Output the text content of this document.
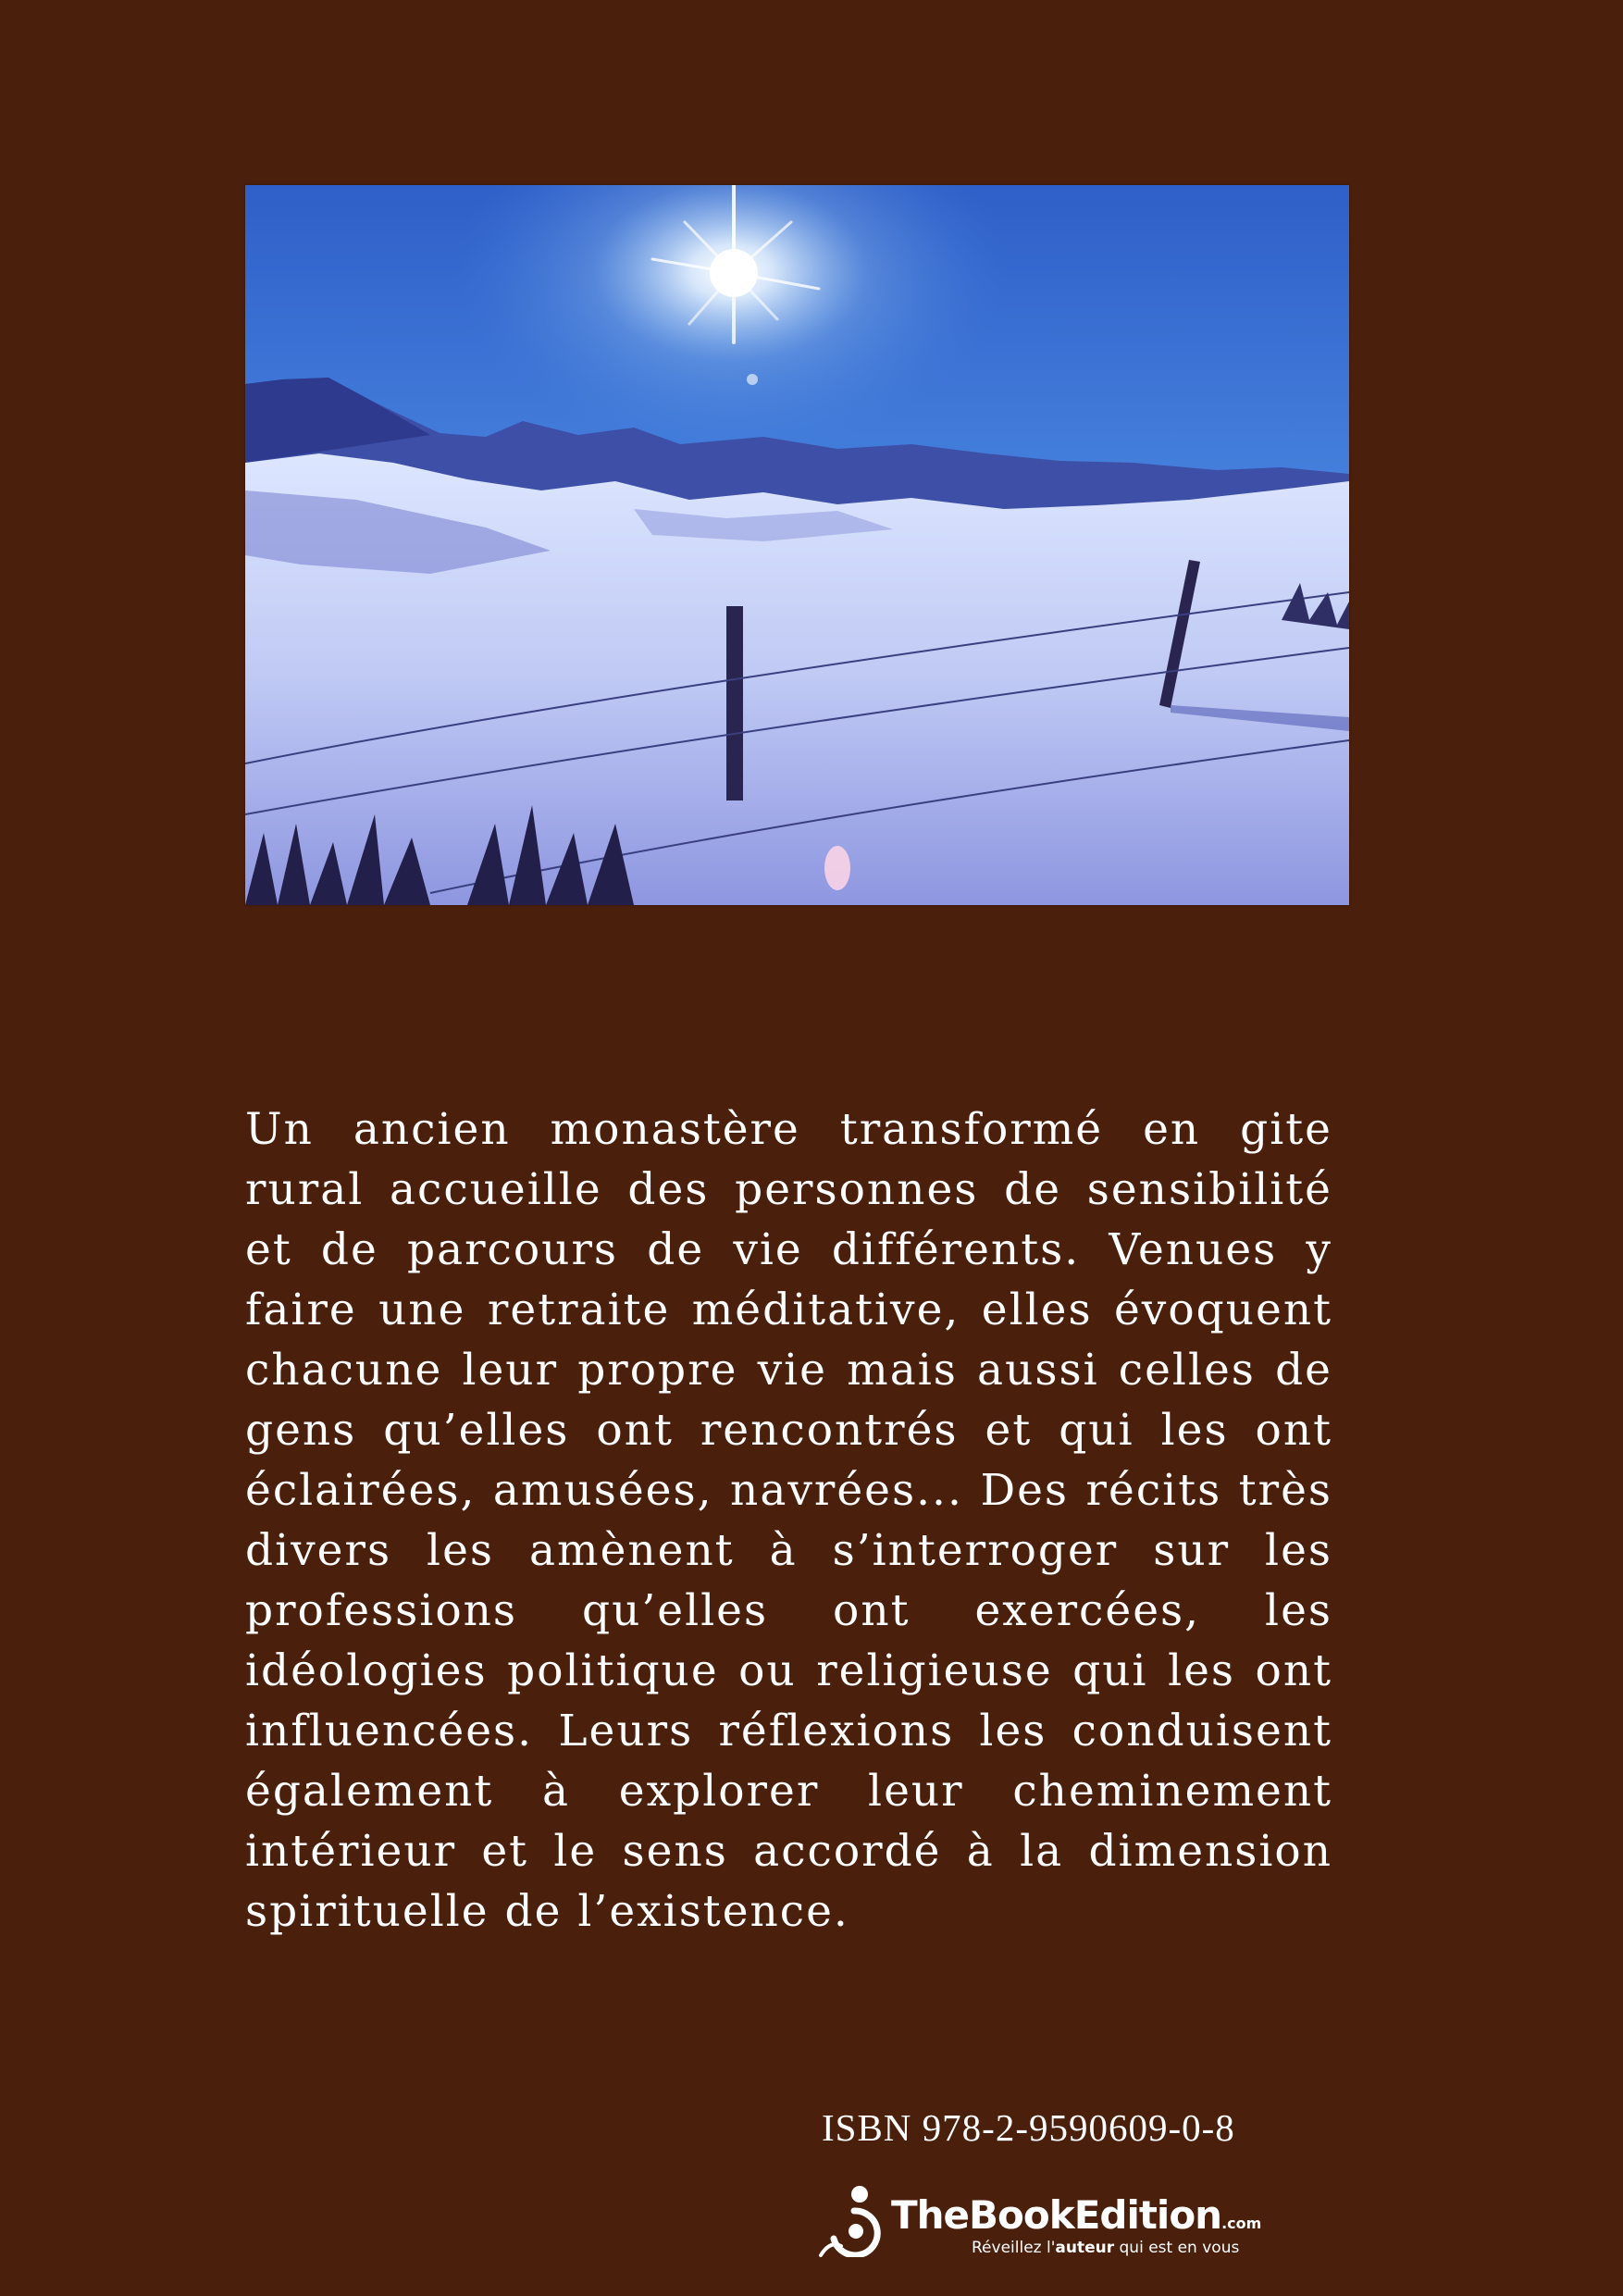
Un ancien monastère transformé en gite rural accueille des personnes de sensibilité et de parcours de vie différents. Venues y faire une retraite méditative, elles évoquent chacune leur propre vie mais aussi celles de gens qu’elles ont rencontrés et qui les ont éclairées, amusées, navrées... Des récits très divers les amènent à s’interroger sur les professions qu’elles ont exercées, les idéologies politique ou religieuse qui les ont influencées. Leurs réflexions les conduisent également à explorer leur cheminement intérieur et le sens accordé à la dimension spirituelle de l’existence.

ISBN 978-2-9590609-0-8
TheBookEdition.com
Réveillez l'auteur qui est en vous
